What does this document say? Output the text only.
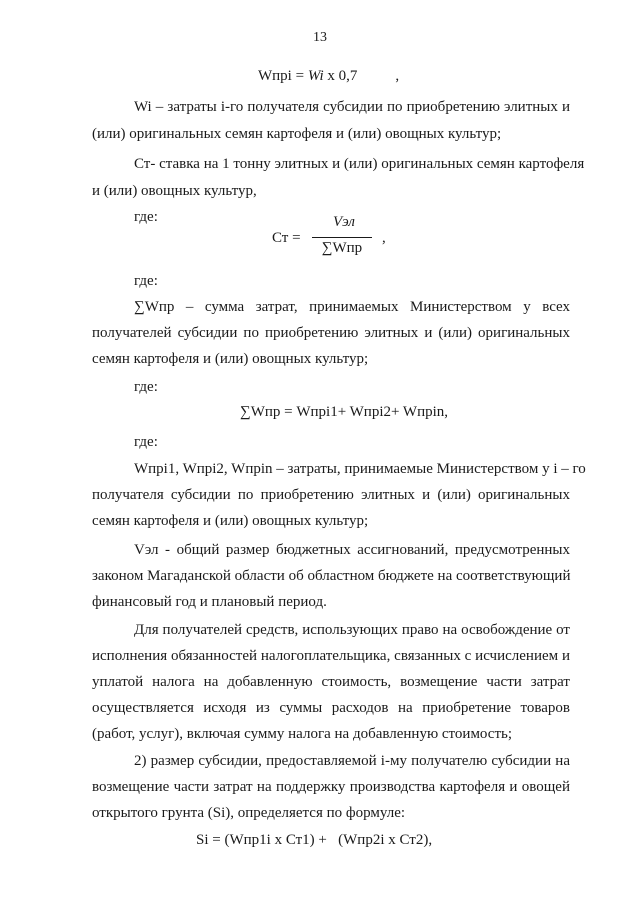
13
Wпрi = Wi x 0,7	,
Wi – затраты i-го получателя субсидии по приобретению элитных и
(или) оригинальных семян картофеля и (или) овощных культур;
Ст- ставка на 1 тонну элитных и (или) оригинальных семян картофеля
и (или) овощных культур,
где:
Ст =
Vэл
∑Wпр
,
где:
∑Wпр – сумма затрат, принимаемых Министерством у всех
получателей субсидии по приобретению элитных и (или) оригинальных
семян картофеля и (или) овощных культур;
где:
∑Wпр = Wпрi1+ Wпрi2+ Wпрin,
где:
Wпрi1, Wпрi2, Wпрin – затраты, принимаемые Министерством у i – го
получателя субсидии по приобретению элитных и (или) оригинальных
семян картофеля и (или) овощных культур;
Vэл - общий размер бюджетных ассигнований, предусмотренных
законом Магаданской области об областном бюджете на соответствующий
финансовый год и плановый период.
Для получателей средств, использующих право на освобождение от
исполнения обязанностей налогоплательщика, связанных с исчислением и
уплатой налога на добавленную стоимость, возмещение части затрат
осуществляется исходя из суммы расходов на приобретение товаров
(работ, услуг), включая сумму налога на добавленную стоимость;
2) размер субсидии, предоставляемой i-му получателю субсидии на
возмещение части затрат на поддержку производства картофеля и овощей
открытого грунта (Si), определяется по формуле:
Si = (Wпр1i x Ст1) +   (Wпр2i x Ст2),
